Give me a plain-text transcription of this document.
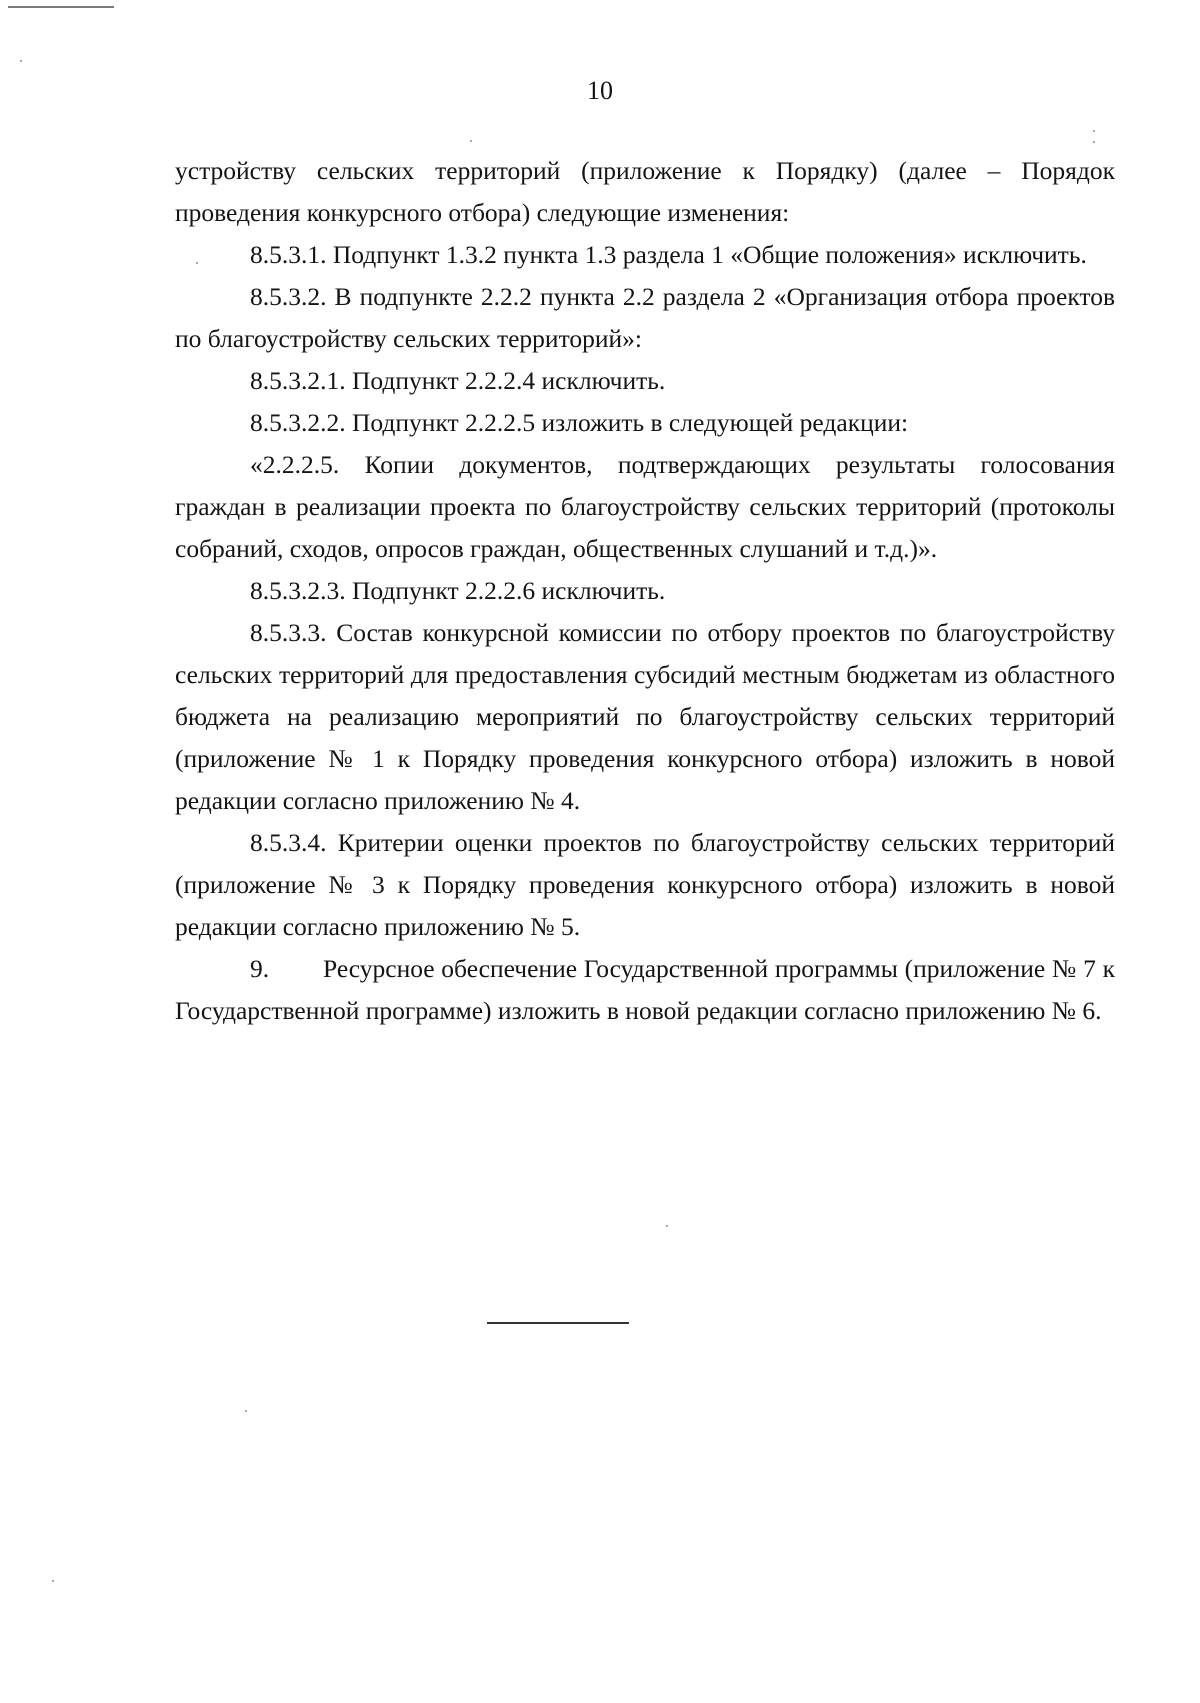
10

устройству сельских территорий (приложение к Порядку) (далее – Порядок проведения конкурсного отбора) следующие изменения:

8.5.3.1. Подпункт 1.3.2 пункта 1.3 раздела 1 «Общие положения» исключить.

8.5.3.2. В подпункте 2.2.2 пункта 2.2 раздела 2 «Организация отбора проектов по благоустройству сельских территорий»:

8.5.3.2.1. Подпункт 2.2.2.4 исключить.

8.5.3.2.2. Подпункт 2.2.2.5 изложить в следующей редакции:

«2.2.2.5. Копии документов, подтверждающих результаты голосования граждан в реализации проекта по благоустройству сельских территорий (протоколы собраний, сходов, опросов граждан, общественных слушаний и т.д.)».

8.5.3.2.3. Подпункт 2.2.2.6 исключить.

8.5.3.3. Состав конкурсной комиссии по отбору проектов по благоустройству сельских территорий для предоставления субсидий местным бюджетам из областного бюджета на реализацию мероприятий по благоустройству сельских территорий (приложение № 1 к Порядку проведения конкурсного отбора) изложить в новой редакции согласно приложению № 4.

8.5.3.4. Критерии оценки проектов по благоустройству сельских территорий (приложение № 3 к Порядку проведения конкурсного отбора) изложить в новой редакции согласно приложению № 5.

9. Ресурсное обеспечение Государственной программы (приложение № 7 к Государственной программе) изложить в новой редакции согласно приложению № 6.
